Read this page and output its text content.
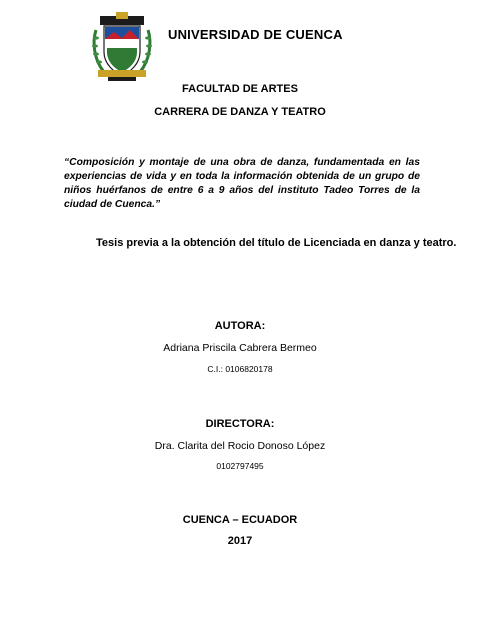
UNIVERSIDAD DE CUENCA
FACULTAD DE ARTES
CARRERA DE DANZA Y TEATRO
“Composición y montaje de una obra de danza, fundamentada en las experiencias de vida y en toda la información obtenida de un grupo de niños huérfanos de entre 6 a 9 años del instituto Tadeo Torres de la ciudad de Cuenca.”
Tesis previa a la obtención del título de Licenciada en danza y teatro.
AUTORA:
Adriana Priscila Cabrera Bermeo
C.I.: 0106820178
DIRECTORA:
Dra. Clarita del Rocio Donoso López
0102797495
CUENCA – ECUADOR
2017
